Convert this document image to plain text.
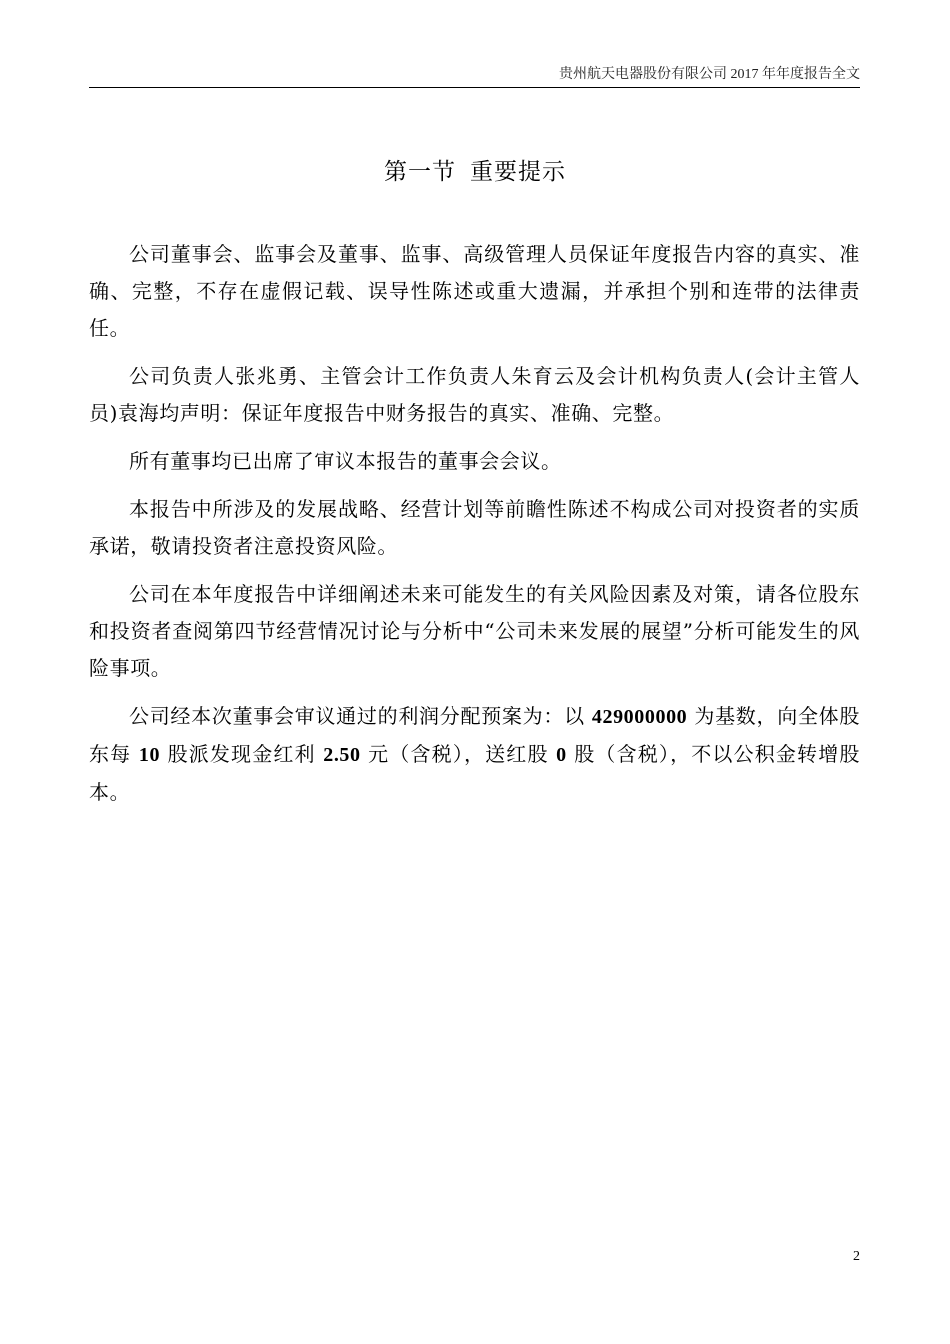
贵州航天电器股份有限公司 2017 年年度报告全文
第一节 重要提示

公司董事会、监事会及董事、监事、高级管理人员保证年度报告内容的真实、准确、完整，不存在虚假记载、误导性陈述或重大遗漏，并承担个别和连带的法律责任。

公司负责人张兆勇、主管会计工作负责人朱育云及会计机构负责人(会计主管人员)袁海均声明：保证年度报告中财务报告的真实、准确、完整。

所有董事均已出席了审议本报告的董事会会议。

本报告中所涉及的发展战略、经营计划等前瞻性陈述不构成公司对投资者的实质承诺，敬请投资者注意投资风险。

公司在本年度报告中详细阐述未来可能发生的有关风险因素及对策，请各位股东和投资者查阅第四节经营情况讨论与分析中“公司未来发展的展望”分析可能发生的风险事项。

公司经本次董事会审议通过的利润分配预案为：以 429000000 为基数，向全体股东每 10 股派发现金红利 2.50 元（含税），送红股 0 股（含税），不以公积金转增股本。

2
